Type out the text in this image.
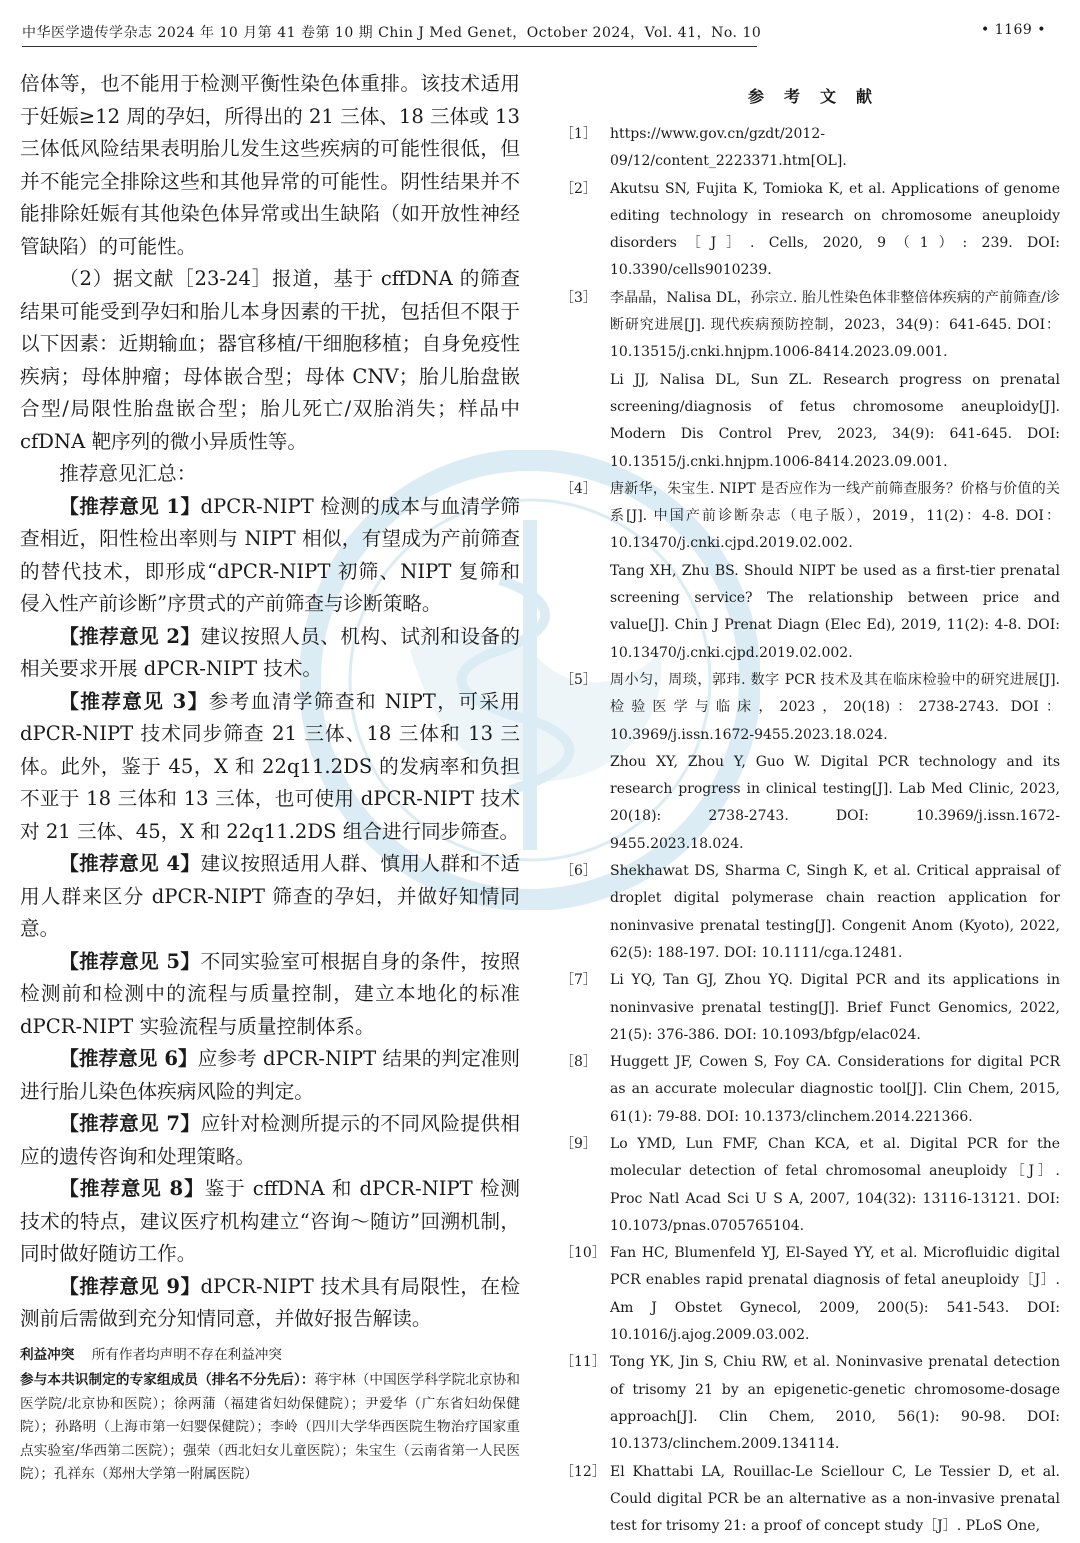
中华医学遗传学杂志 2024 年 10 月第 41 卷第 10 期 Chin J Med Genet，October 2024，Vol. 41，No. 10	• 1169 •

倍体等，也不能用于检测平衡性染色体重排。该技术适用于妊娠≥12 周的孕妇，所得出的 21 三体、18 三体或 13 三体低风险结果表明胎儿发生这些疾病的可能性很低，但并不能完全排除这些和其他异常的可能性。阴性结果并不能排除妊娠有其他染色体异常或出生缺陷（如开放性神经管缺陷）的可能性。

（2）据文献［23-24］报道，基于 cffDNA 的筛查结果可能受到孕妇和胎儿本身因素的干扰，包括但不限于以下因素：近期输血；器官移植/干细胞移植；自身免疫性疾病；母体肿瘤；母体嵌合型；母体 CNV；胎儿胎盘嵌合型/局限性胎盘嵌合型；胎儿死亡/双胎消失；样品中 cfDNA 靶序列的微小异质性等。

推荐意见汇总：

【推荐意见 1】dPCR-NIPT 检测的成本与血清学筛查相近，阳性检出率则与 NIPT 相似，有望成为产前筛查的替代技术，即形成“dPCR-NIPT 初筛、NIPT 复筛和侵入性产前诊断”序贯式的产前筛查与诊断策略。

【推荐意见 2】建议按照人员、机构、试剂和设备的相关要求开展 dPCR-NIPT 技术。

【推荐意见 3】参考血清学筛查和 NIPT，可采用 dPCR-NIPT 技术同步筛查 21 三体、18 三体和 13 三体。此外，鉴于 45，X 和 22q11.2DS 的发病率和负担不亚于 18 三体和 13 三体，也可使用 dPCR-NIPT 技术对 21 三体、45，X 和 22q11.2DS 组合进行同步筛查。

【推荐意见 4】建议按照适用人群、慎用人群和不适用人群来区分 dPCR-NIPT 筛查的孕妇，并做好知情同意。

【推荐意见 5】不同实验室可根据自身的条件，按照检测前和检测中的流程与质量控制，建立本地化的标准 dPCR-NIPT 实验流程与质量控制体系。

【推荐意见 6】应参考 dPCR-NIPT 结果的判定准则进行胎儿染色体疾病风险的判定。

【推荐意见 7】应针对检测所提示的不同风险提供相应的遗传咨询和处理策略。

【推荐意见 8】鉴于 cffDNA 和 dPCR-NIPT 检测技术的特点，建议医疗机构建立“咨询～随访”回溯机制，同时做好随访工作。

【推荐意见 9】dPCR-NIPT 技术具有局限性，在检测前后需做到充分知情同意，并做好报告解读。

利益冲突 所有作者均声明不存在利益冲突
参与本共识制定的专家组成员（排名不分先后）：蒋宇林（中国医学科学院北京协和医学院/北京协和医院）；徐两蒲（福建省妇幼保健院）；尹爱华（广东省妇幼保健院）；孙路明（上海市第一妇婴保健院）；李岭（四川大学华西医院生物治疗国家重点实验室/华西第二医院）；强荣（西北妇女儿童医院）；朱宝生（云南省第一人民医院）；孔祥东（郑州大学第一附属医院）

参考文献

［1］ https://www.gov.cn/gzdt/2012-09/12/content_2223371.htm[OL].

［2］ Akutsu SN, Fujita K, Tomioka K, et al. Applications of genome editing technology in research on chromosome aneuploidy disorders［J］. Cells, 2020, 9（1）: 239. DOI: 10.3390/cells9010239.

［3］ 李晶晶，Nalisa DL，孙宗立. 胎儿性染色体非整倍体疾病的产前筛查/诊断研究进展[J]. 现代疾病预防控制，2023，34(9)：641-645. DOI：10.13515/j.cnki.hnjpm.1006-8414.2023.09.001.

Li JJ, Nalisa DL, Sun ZL. Research progress on prenatal screening/diagnosis of fetus chromosome aneuploidy[J]. Modern Dis Control Prev, 2023, 34(9): 641-645. DOI: 10.13515/j.cnki.hnjpm.1006-8414.2023.09.001.

［4］ 唐新华，朱宝生. NIPT 是否应作为一线产前筛查服务？价格与价值的关系[J]. 中国产前诊断杂志（电子版），2019，11(2)：4-8. DOI：10.13470/j.cnki.cjpd.2019.02.002.

Tang XH, Zhu BS. Should NIPT be used as a first-tier prenatal screening service? The relationship between price and value[J]. Chin J Prenat Diagn (Elec Ed), 2019, 11(2): 4-8. DOI: 10.13470/j.cnki.cjpd.2019.02.002.

［5］ 周小匀，周琰，郭玮. 数字 PCR 技术及其在临床检验中的研究进展[J]. 检验医学与临床，2023，20(18)：2738-2743. DOI：10.3969/j.issn.1672-9455.2023.18.024.

Zhou XY, Zhou Y, Guo W. Digital PCR technology and its research progress in clinical testing[J]. Lab Med Clinic, 2023, 20(18): 2738-2743. DOI: 10.3969/j.issn.1672-9455.2023.18.024.

［6］ Shekhawat DS, Sharma C, Singh K, et al. Critical appraisal of droplet digital polymerase chain reaction application for noninvasive prenatal testing[J]. Congenit Anom (Kyoto), 2022, 62(5): 188-197. DOI: 10.1111/cga.12481.

［7］ Li YQ, Tan GJ, Zhou YQ. Digital PCR and its applications in noninvasive prenatal testing[J]. Brief Funct Genomics, 2022, 21(5): 376-386. DOI: 10.1093/bfgp/elac024.

［8］ Huggett JF, Cowen S, Foy CA. Considerations for digital PCR as an accurate molecular diagnostic tool[J]. Clin Chem, 2015, 61(1): 79-88. DOI: 10.1373/clinchem.2014.221366.

［9］ Lo YMD, Lun FMF, Chan KCA, et al. Digital PCR for the molecular detection of fetal chromosomal aneuploidy［J］. Proc Natl Acad Sci U S A, 2007, 104(32): 13116-13121. DOI: 10.1073/pnas.0705765104.

［10］ Fan HC, Blumenfeld YJ, El-Sayed YY, et al. Microfluidic digital PCR enables rapid prenatal diagnosis of fetal aneuploidy［J］. Am J Obstet Gynecol, 2009, 200(5): 541-543. DOI: 10.1016/j.ajog.2009.03.002.

［11］ Tong YK, Jin S, Chiu RW, et al. Noninvasive prenatal detection of trisomy 21 by an epigenetic-genetic chromosome-dosage approach[J]. Clin Chem, 2010, 56(1): 90-98. DOI: 10.1373/clinchem.2009.134114.

［12］ El Khattabi LA, Rouillac-Le Sciellour C, Le Tessier D, et al. Could digital PCR be an alternative as a non-invasive prenatal test for trisomy 21: a proof of concept study［J］. PLoS One,
